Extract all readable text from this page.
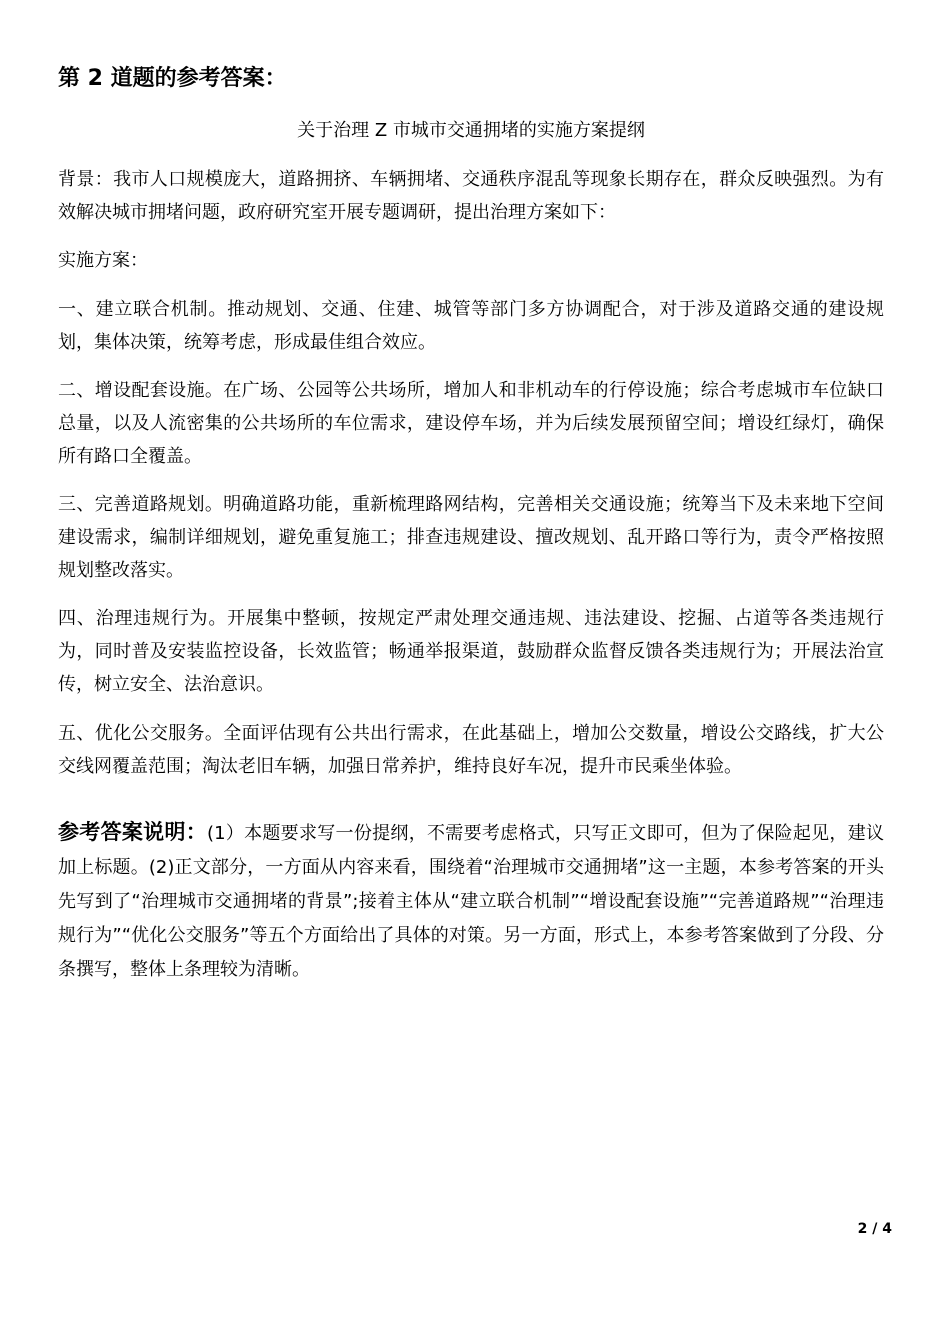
第 2 道题的参考答案：
关于治理 Z 市城市交通拥堵的实施方案提纲

背景：我市人口规模庞大，道路拥挤、车辆拥堵、交通秩序混乱等现象长期存在，群众反映强烈。为有效解决城市拥堵问题，政府研究室开展专题调研，提出治理方案如下：

实施方案：

一、建立联合机制。推动规划、交通、住建、城管等部门多方协调配合，对于涉及道路交通的建设规划，集体决策，统筹考虑，形成最佳组合效应。

二、增设配套设施。在广场、公园等公共场所，增加人和非机动车的行停设施；综合考虑城市车位缺口总量，以及人流密集的公共场所的车位需求，建设停车场，并为后续发展预留空间；增设红绿灯，确保所有路口全覆盖。

三、完善道路规划。明确道路功能，重新梳理路网结构，完善相关交通设施；统筹当下及未来地下空间建设需求，编制详细规划，避免重复施工；排查违规建设、擅改规划、乱开路口等行为，责令严格按照规划整改落实。

四、治理违规行为。开展集中整顿，按规定严肃处理交通违规、违法建设、挖掘、占道等各类违规行为，同时普及安装监控设备，长效监管；畅通举报渠道，鼓励群众监督反馈各类违规行为；开展法治宣传，树立安全、法治意识。

五、优化公交服务。全面评估现有公共出行需求，在此基础上，增加公交数量，增设公交路线，扩大公交线网覆盖范围；淘汰老旧车辆，加强日常养护，维持良好车况，提升市民乘坐体验。

参考答案说明：(1）本题要求写一份提纲，不需要考虑格式，只写正文即可，但为了保险起见，建议加上标题。(2)正文部分，一方面从内容来看，围绕着“治理城市交通拥堵”这一主题，本参考答案的开头先写到了“治理城市交通拥堵的背景”;接着主体从“建立联合机制”“增设配套设施”“完善道路规”“治理违规行为”“优化公交服务”等五个方面给出了具体的对策。另一方面，形式上，本参考答案做到了分段、分条撰写，整体上条理较为清晰。

2 / 4
